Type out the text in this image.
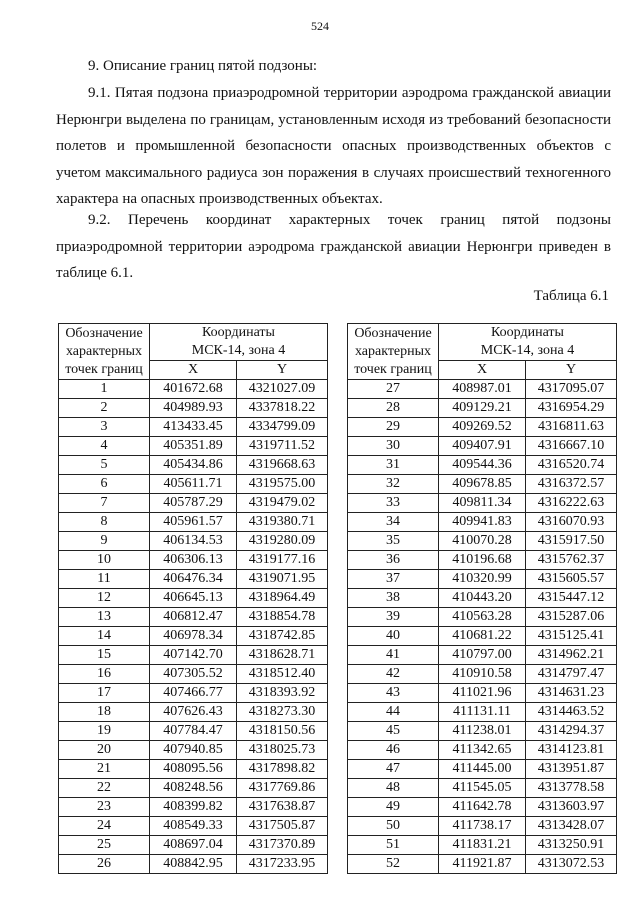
524
9. Описание границ пятой подзоны:
9.1. Пятая подзона приаэродромной территории аэродрома гражданской авиации
Нерюнгри выделена по границам, установленным исходя из требований безопасности
полетов и промышленной безопасности опасных производственных объектов с
учетом максимального радиуса зон поражения в случаях происшествий техногенного
характера на опасных производственных объектах.
9.2. Перечень координат характерных точек границ пятой подзоны
приаэродромной территории аэродрома гражданской авиации Нерюнгри приведен в
таблице 6.1.
Таблица 6.1
Обозначение
характерных
точек границ	Координаты
МСК-14, зона 4	

	X	Y
1	401672.68	4321027.09
2	404989.93	4337818.22
3	413433.45	4334799.09
4	405351.89	4319711.52
5	405434.86	4319668.63
6	405611.71	4319575.00
7	405787.29	4319479.02
8	405961.57	4319380.71
9	406134.53	4319280.09
10	406306.13	4319177.16
11	406476.34	4319071.95
12	406645.13	4318964.49
13	406812.47	4318854.78
14	406978.34	4318742.85
15	407142.70	4318628.71
16	407305.52	4318512.40
17	407466.77	4318393.92
18	407626.43	4318273.30
19	407784.47	4318150.56
20	407940.85	4318025.73
21	408095.56	4317898.82
22	408248.56	4317769.86
23	408399.82	4317638.87
24	408549.33	4317505.87
25	408697.04	4317370.89
26	408842.95	4317233.95
Обозначение
характерных
точек границ	Координаты
МСК-14, зона 4	

	X	Y
27	408987.01	4317095.07
28	409129.21	4316954.29
29	409269.52	4316811.63
30	409407.91	4316667.10
31	409544.36	4316520.74
32	409678.85	4316372.57
33	409811.34	4316222.63
34	409941.83	4316070.93
35	410070.28	4315917.50
36	410196.68	4315762.37
37	410320.99	4315605.57
38	410443.20	4315447.12
39	410563.28	4315287.06
40	410681.22	4315125.41
41	410797.00	4314962.21
42	410910.58	4314797.47
43	411021.96	4314631.23
44	411131.11	4314463.52
45	411238.01	4314294.37
46	411342.65	4314123.81
47	411445.00	4313951.87
48	411545.05	4313778.58
49	411642.78	4313603.97
50	411738.17	4313428.07
51	411831.21	4313250.91
52	411921.87	4313072.53
